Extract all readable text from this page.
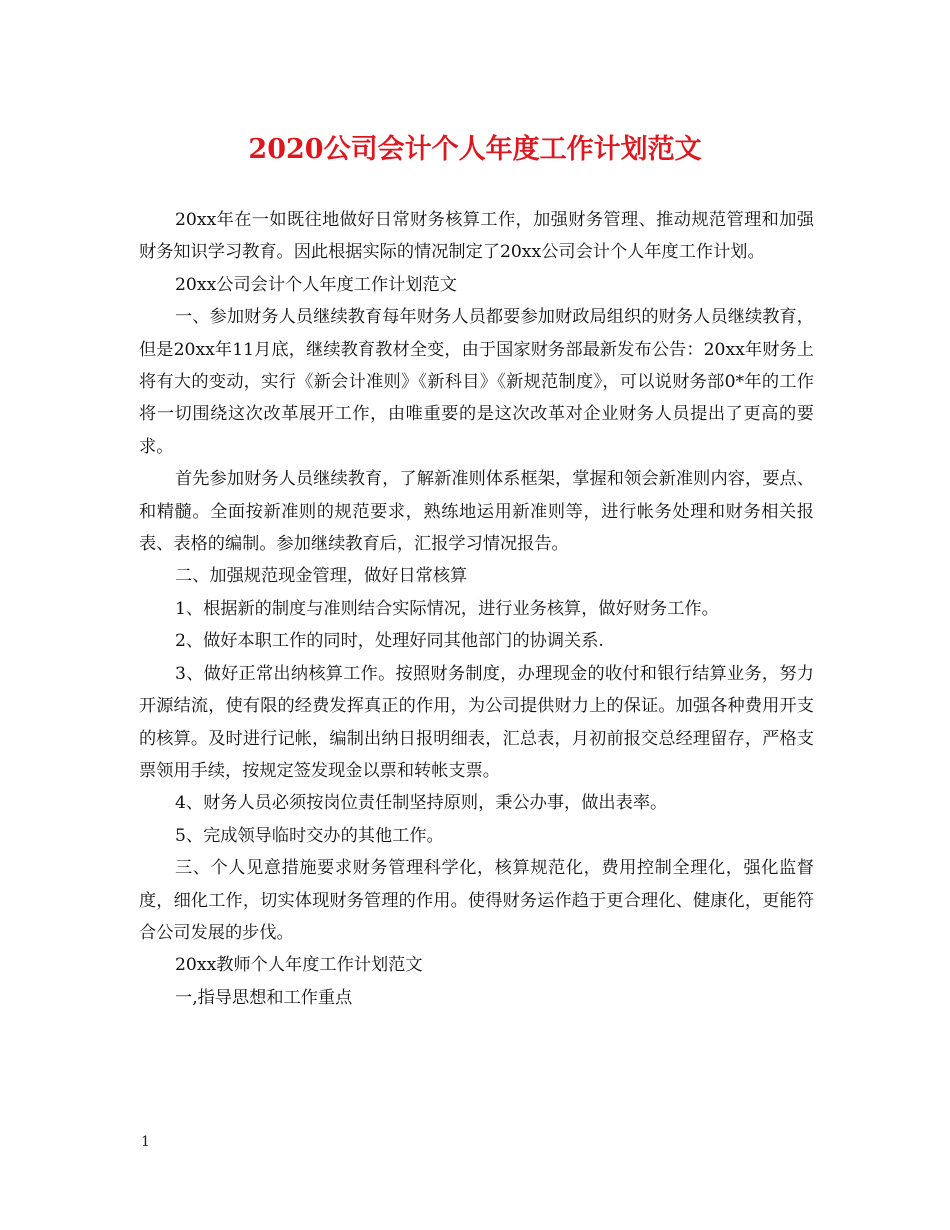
2020公司会计个人年度工作计划范文

20xx年在一如既往地做好日常财务核算工作，加强财务管理、推动规范管理和加强财务知识学习教育。因此根据实际的情况制定了20xx公司会计个人年度工作计划。

20xx公司会计个人年度工作计划范文

一、参加财务人员继续教育每年财务人员都要参加财政局组织的财务人员继续教育，但是20xx年11月底，继续教育教材全变，由于国家财务部最新发布公告：20xx年财务上将有大的变动，实行《新会计准则》《新科目》《新规范制度》，可以说财务部0*年的工作将一切围绕这次改革展开工作，由唯重要的是这次改革对企业财务人员提出了更高的要求。

首先参加财务人员继续教育，了解新准则体系框架，掌握和领会新准则内容，要点、和精髓。全面按新准则的规范要求，熟练地运用新准则等，进行帐务处理和财务相关报表、表格的编制。参加继续教育后，汇报学习情况报告。

二、加强规范现金管理，做好日常核算

1、根据新的制度与准则结合实际情况，进行业务核算，做好财务工作。

2、做好本职工作的同时，处理好同其他部门的协调关系.

3、做好正常出纳核算工作。按照财务制度，办理现金的收付和银行结算业务，努力开源结流，使有限的经费发挥真正的作用，为公司提供财力上的保证。加强各种费用开支的核算。及时进行记帐，编制出纳日报明细表，汇总表，月初前报交总经理留存，严格支票领用手续，按规定签发现金以票和转帐支票。

4、财务人员必须按岗位责任制坚持原则，秉公办事，做出表率。

5、完成领导临时交办的其他工作。

三、个人见意措施要求财务管理科学化，核算规范化，费用控制全理化，强化监督度，细化工作，切实体现财务管理的作用。使得财务运作趋于更合理化、健康化，更能符合公司发展的步伐。

20xx教师个人年度工作计划范文

一,指导思想和工作重点

1
